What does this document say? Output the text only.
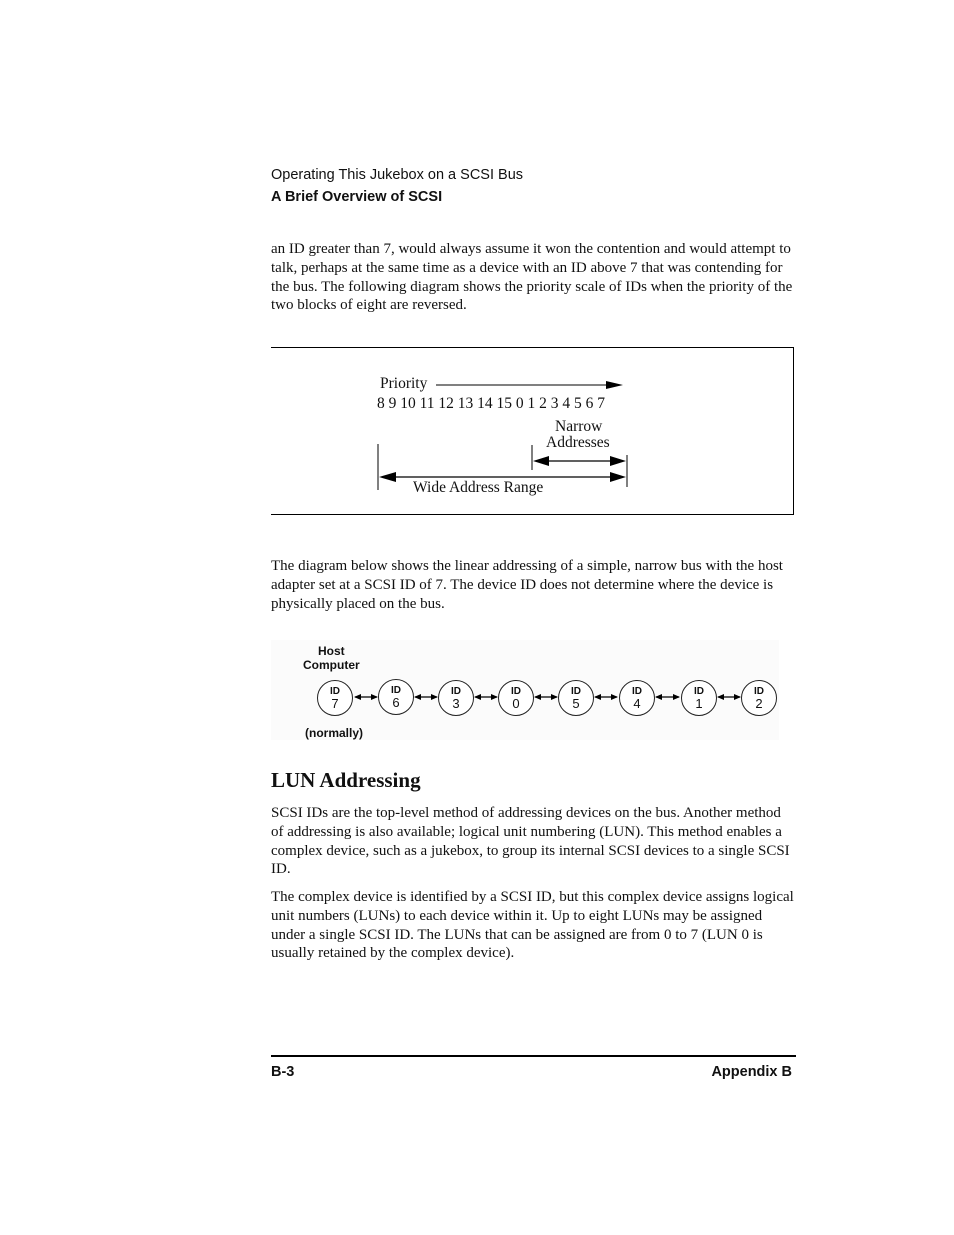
Operating This Jukebox on a SCSI Bus
A Brief Overview of SCSI

an ID greater than 7, would always assume it won the contention and would attempt to talk, perhaps at the same time as a device with an ID above 7 that was contending for the bus. The following diagram shows the priority scale of IDs when the priority of the two blocks of eight are reversed.

Priority
8 9 10 11 12 13 14 15 0 1 2 3 4 5 6 7
Narrow
Addresses
Wide Address Range

The diagram below shows the linear addressing of a simple, narrow bus with the host adapter set at a SCSI ID of 7. The device ID does not determine where the device is physically placed on the bus.

Host
Computer
(normally)
ID
7
ID
6
ID
3
ID
0
ID
5
ID
4
ID
1
ID
2
LUN Addressing

SCSI IDs are the top-level method of addressing devices on the bus. Another method of addressing is also available; logical unit numbering (LUN). This method enables a complex device, such as a jukebox, to group its internal SCSI devices to a single SCSI ID.

The complex device is identified by a SCSI ID, but this complex device assigns logical unit numbers (LUNs) to each device within it. Up to eight LUNs may be assigned under a single SCSI ID. The LUNs that can be assigned are from 0 to 7 (LUN 0 is usually retained by the complex device).

B-3	Appendix B
